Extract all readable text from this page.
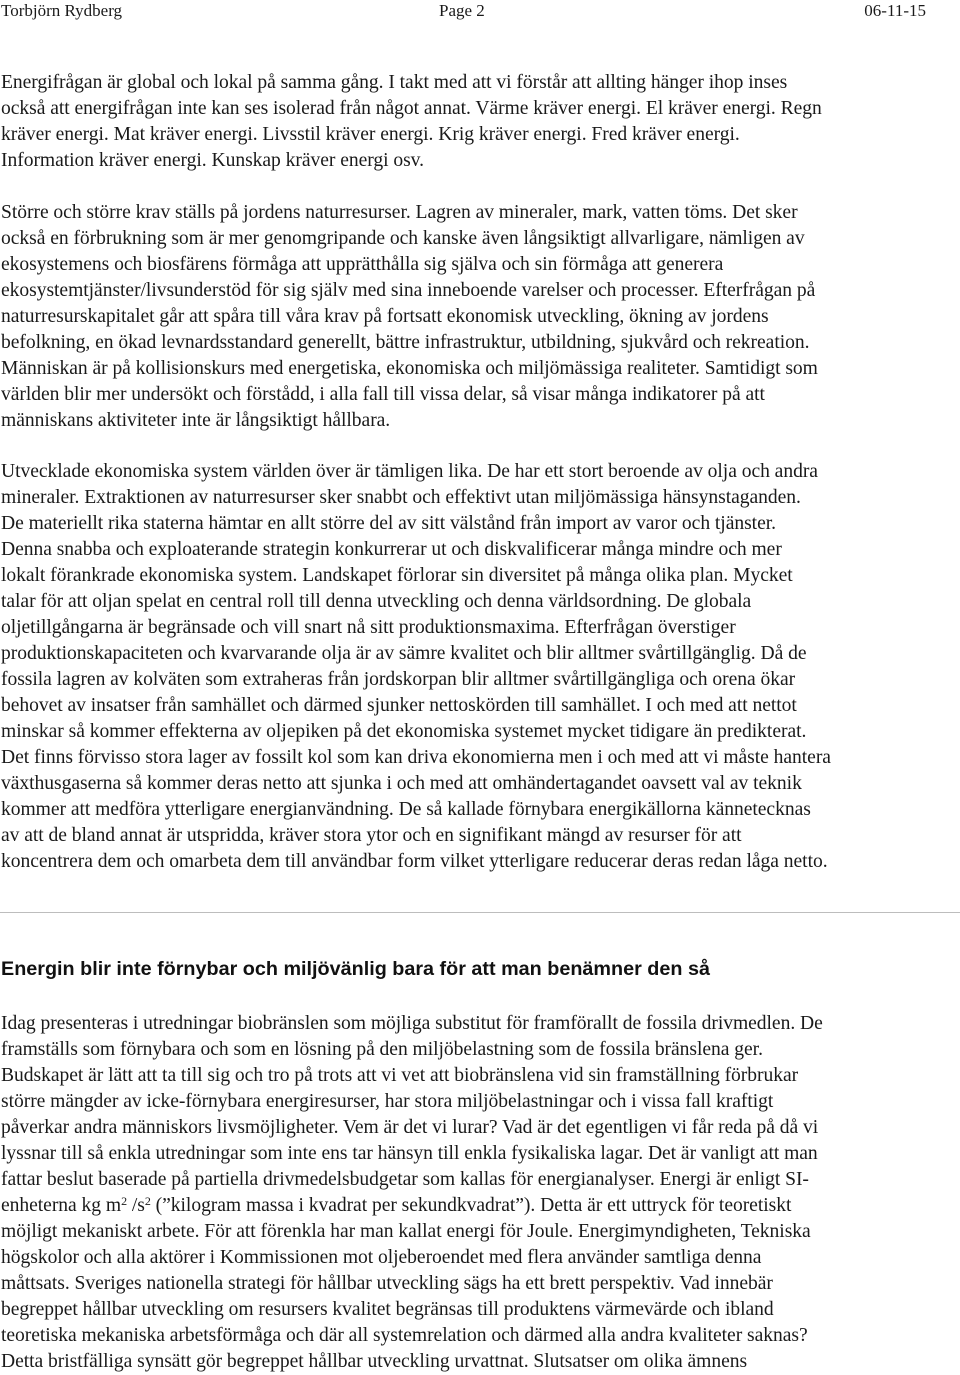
Torbjörn Rydberg	Page 2	06-11-15

Energifrågan är global och lokal på samma gång. I takt med att vi förstår att allting hänger ihop inses

också att energifrågan inte kan ses isolerad från något annat. Värme kräver energi. El kräver energi. Regn

kräver energi. Mat kräver energi. Livsstil kräver energi. Krig kräver energi. Fred kräver energi.

Information kräver energi. Kunskap kräver energi osv.

Större och större krav ställs på jordens naturresurser. Lagren av mineraler, mark, vatten töms. Det sker

också en förbrukning som är mer genomgripande och kanske även långsiktigt allvarligare, nämligen av

ekosystemens och biosfärens förmåga att upprätthålla sig själva och sin förmåga att generera

ekosystemtjänster/livsunderstöd för sig själv med sina inneboende varelser och processer. Efterfrågan på

naturresurskapitalet går att spåra till våra krav på fortsatt ekonomisk utveckling, ökning av jordens

befolkning, en ökad levnardsstandard generellt, bättre infrastruktur, utbildning, sjukvård och rekreation.

Människan är på kollisionskurs med energetiska, ekonomiska och miljömässiga realiteter. Samtidigt som

världen blir mer undersökt och förstådd, i alla fall till vissa delar, så visar många indikatorer på att

människans aktiviteter inte är långsiktigt hållbara.

Utvecklade ekonomiska system världen över är tämligen lika. De har ett stort beroende av olja och andra

mineraler. Extraktionen av naturresurser sker snabbt och effektivt utan miljömässiga hänsynstaganden.

De materiellt rika staterna hämtar en allt större del av sitt välstånd från import av varor och tjänster.

Denna snabba och exploaterande strategin konkurrerar ut och diskvalificerar många mindre och mer

lokalt förankrade ekonomiska system. Landskapet förlorar sin diversitet på många olika plan. Mycket

talar för att oljan spelat en central roll till denna utveckling och denna världsordning. De globala

oljetillgångarna är begränsade och vill snart nå sitt produktionsmaxima. Efterfrågan överstiger

produktionskapaciteten och kvarvarande olja är av sämre kvalitet och blir alltmer svårtillgänglig. Då de

fossila lagren av kolväten som extraheras från jordskorpan blir alltmer svårtillgängliga och orena ökar

behovet av insatser från samhället och därmed sjunker nettoskörden till samhället. I och med att nettot

minskar så kommer effekterna av oljepiken på det ekonomiska systemet mycket tidigare än predikterat.

Det finns förvisso stora lager av fossilt kol som kan driva ekonomierna men i och med att vi måste hantera

växthusgaserna så kommer deras netto att sjunka i och med att omhändertagandet oavsett val av teknik

kommer att medföra ytterligare energianvändning. De så kallade förnybara energikällorna kännetecknas

av att de bland annat är utspridda, kräver stora ytor och en signifikant mängd av resurser för att

koncentrera dem och omarbeta dem till användbar form vilket ytterligare reducerar deras redan låga netto.

Energin blir inte förnybar och miljövänlig bara för att man benämner den så

Idag presenteras i utredningar biobränslen som möjliga substitut för framförallt de fossila drivmedlen. De

framställs som förnybara och som en lösning på den miljöbelastning som de fossila bränslena ger.

Budskapet är lätt att ta till sig och tro på trots att vi vet att biobränslena vid sin framställning förbrukar

större mängder av icke-förnybara energiresurser, har stora miljöbelastningar och i vissa fall kraftigt

påverkar andra människors livsmöjligheter. Vem är det vi lurar? Vad är det egentligen vi får reda på då vi

lyssnar till så enkla utredningar som inte ens tar hänsyn till enkla fysikaliska lagar. Det är vanligt att man

fattar beslut baserade på partiella drivmedelsbudgetar som kallas för energianalyser. Energi är enligt SI-

enheterna kg $m^2$ $/s^2$ (”kilogram massa i kvadrat per sekundkvadrat”). Detta är ett uttryck för teoretiskt

möjligt mekaniskt arbete. För att förenkla har man kallat energi för Joule. Energimyndigheten, Tekniska

högskolor och alla aktörer i Kommissionen mot oljeberoendet med flera använder samtliga denna

måttsats. Sveriges nationella strategi för hållbar utveckling sägs ha ett brett perspektiv. Vad innebär

begreppet hållbar utveckling om resursers kvalitet begränsas till produktens värmevärde och ibland

teoretiska mekaniska arbetsförmåga och där all systemrelation och därmed alla andra kvaliteter saknas?

Detta bristfälliga synsätt gör begreppet hållbar utveckling urvattnat. Slutsatser om olika ämnens
